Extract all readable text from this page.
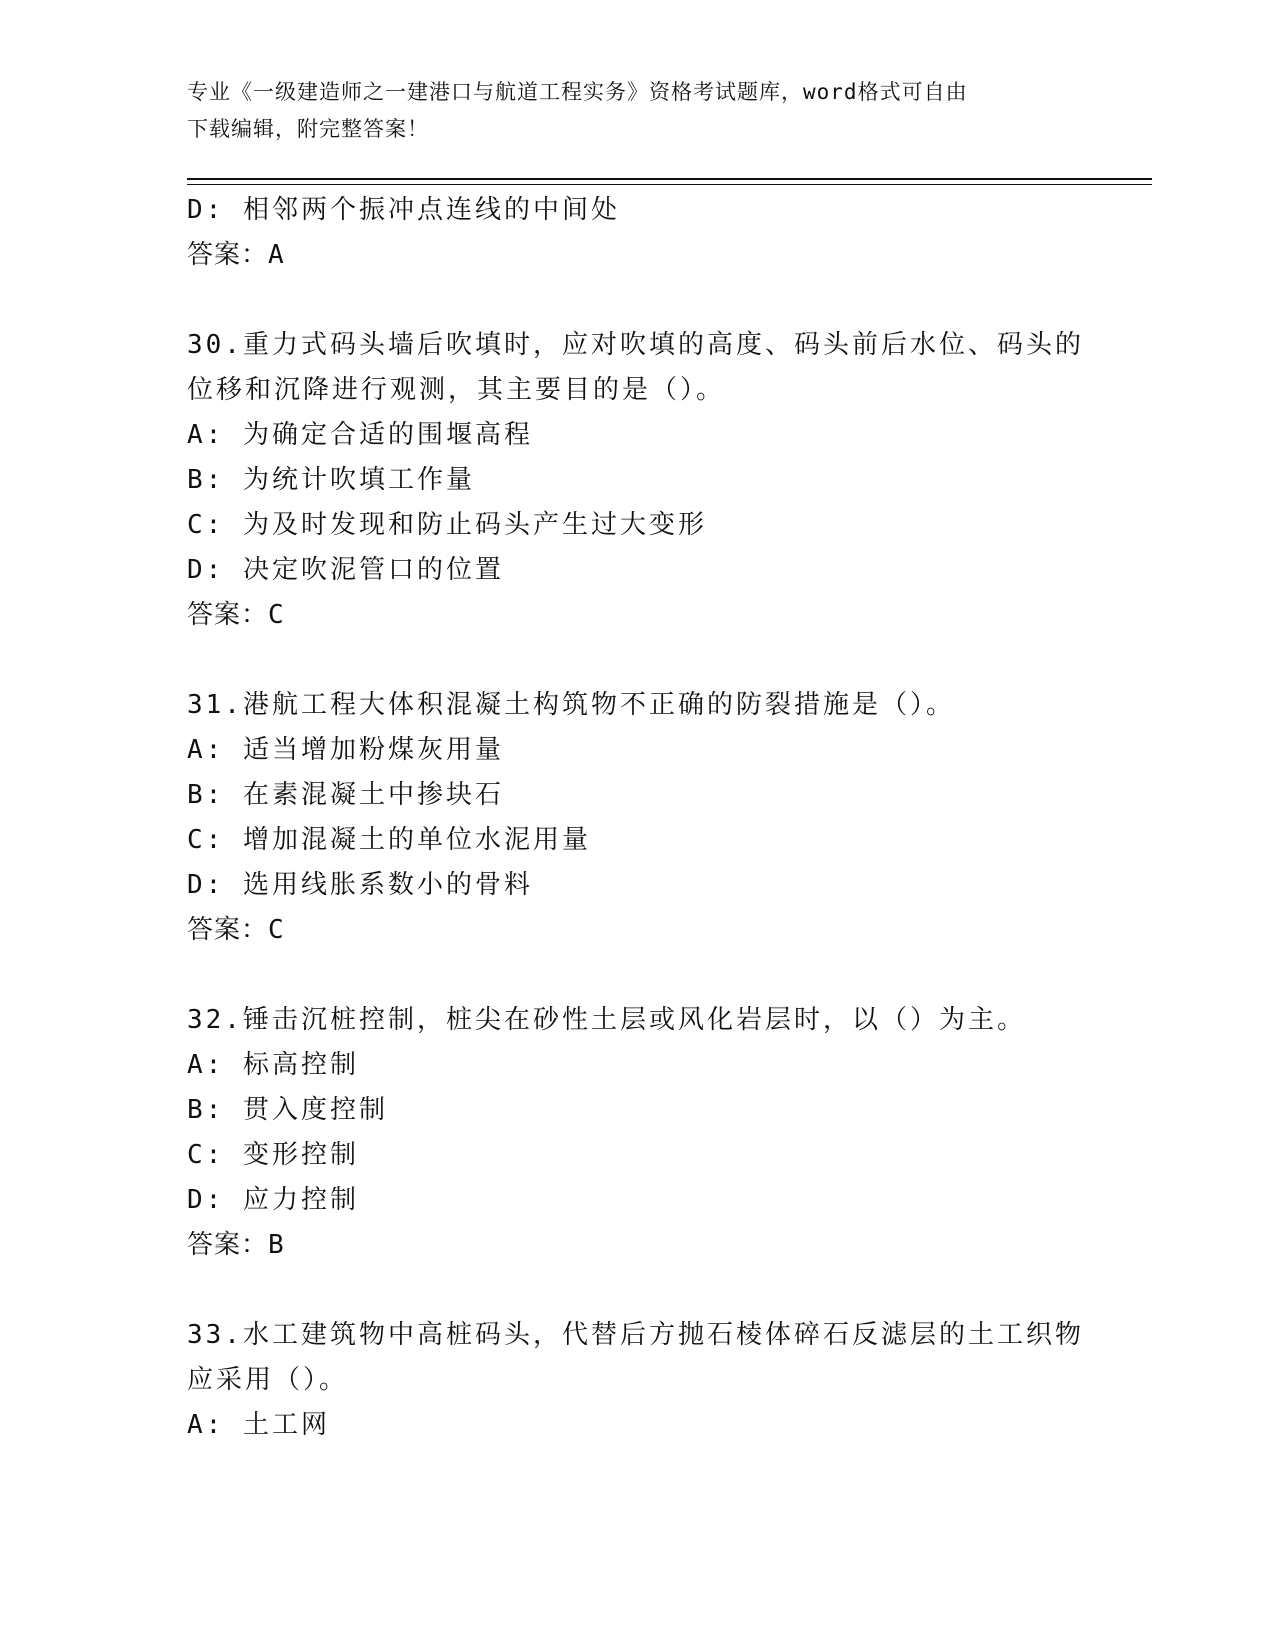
专业《一级建造师之一建港口与航道工程实务》资格考试题库，word格式可自由
下载编辑，附完整答案！
D: 相邻两个振冲点连线的中间处
答案：A
30.重力式码头墙后吹填时，应对吹填的高度、码头前后水位、码头的
位移和沉降进行观测，其主要目的是（）。
A: 为确定合适的围堰高程
B: 为统计吹填工作量
C: 为及时发现和防止码头产生过大变形
D: 决定吹泥管口的位置
答案：C
31.港航工程大体积混凝土构筑物不正确的防裂措施是（）。
A: 适当增加粉煤灰用量
B: 在素混凝土中掺块石
C: 增加混凝土的单位水泥用量
D: 选用线胀系数小的骨料
答案：C
32.锤击沉桩控制，桩尖在砂性土层或风化岩层时，以（）为主。
A: 标高控制
B: 贯入度控制
C: 变形控制
D: 应力控制
答案：B
33.水工建筑物中高桩码头，代替后方抛石棱体碎石反滤层的土工织物
应采用（）。
A: 土工网
